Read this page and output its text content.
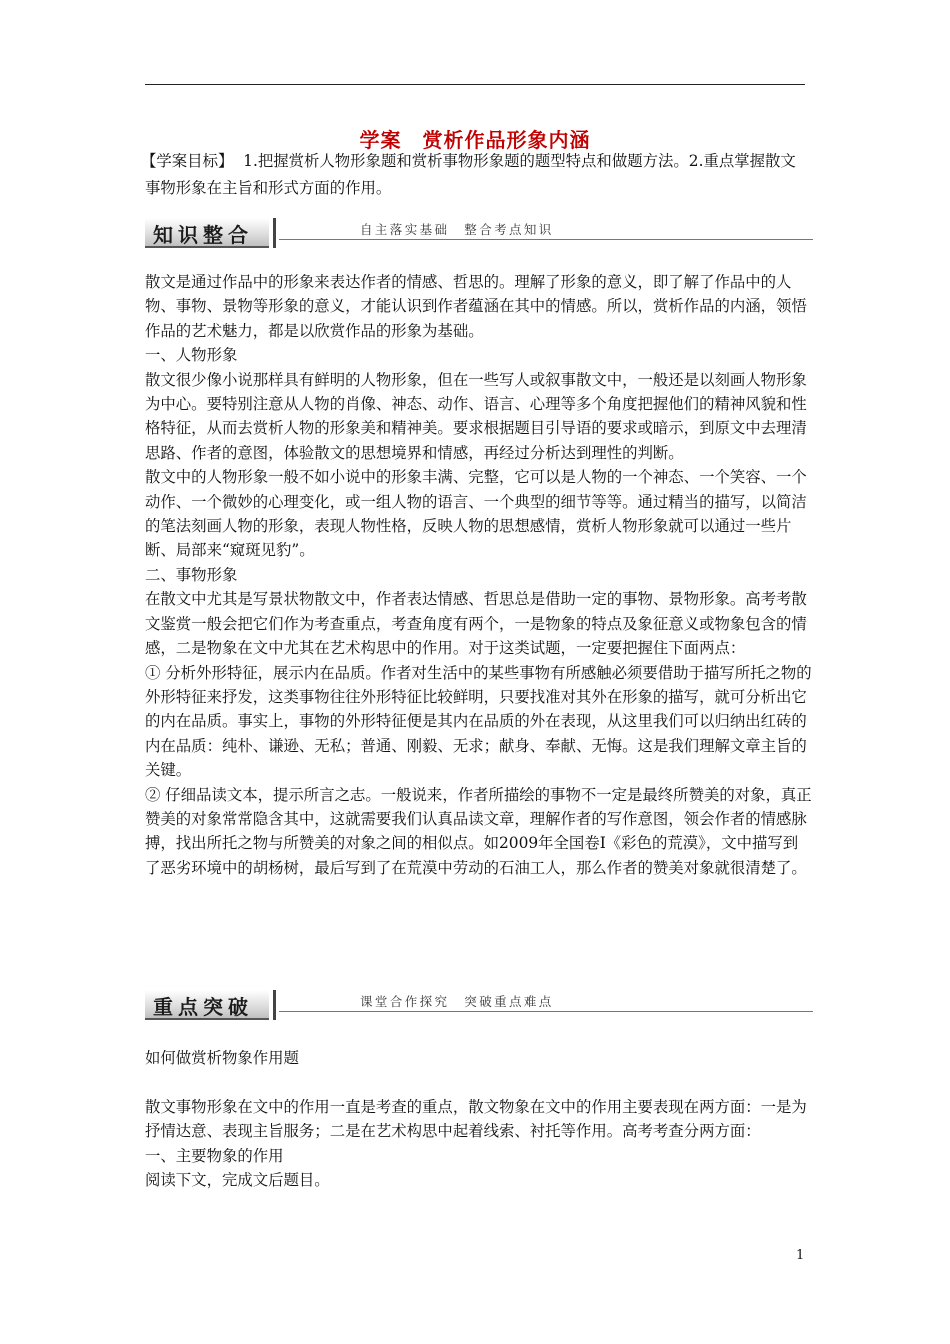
学案　赏析作品形象内涵
【学案目标】 1.把握赏析人物形象题和赏析事物形象题的题型特点和做题方法。2.重点掌握散文事物形象在主旨和形式方面的作用。
知识整合	自主落实基础　整合考点知识

散文是通过作品中的形象来表达作者的情感、哲思的。理解了形象的意义，即了解了作品中的人物、事物、景物等形象的意义，才能认识到作者蕴涵在其中的情感。所以，赏析作品的内涵，领悟作品的艺术魅力，都是以欣赏作品的形象为基础。

一、人物形象

散文很少像小说那样具有鲜明的人物形象，但在一些写人或叙事散文中，一般还是以刻画人物形象为中心。要特别注意从人物的肖像、神态、动作、语言、心理等多个角度把握他们的精神风貌和性格特征，从而去赏析人物的形象美和精神美。要求根据题目引导语的要求或暗示，到原文中去理清思路、作者的意图，体验散文的思想境界和情感，再经过分析达到理性的判断。

散文中的人物形象一般不如小说中的形象丰满、完整，它可以是人物的一个神态、一个笑容、一个动作、一个微妙的心理变化，或一组人物的语言、一个典型的细节等等。通过精当的描写，以简洁的笔法刻画人物的形象，表现人物性格，反映人物的思想感情，赏析人物形象就可以通过一些片断、局部来“窥斑见豹”。

二、事物形象

在散文中尤其是写景状物散文中，作者表达情感、哲思总是借助一定的事物、景物形象。高考考散文鉴赏一般会把它们作为考查重点，考查角度有两个，一是物象的特点及象征意义或物象包含的情感，二是物象在文中尤其在艺术构思中的作用。对于这类试题，一定要把握住下面两点：

① 分析外形特征，展示内在品质。作者对生活中的某些事物有所感触必须要借助于描写所托之物的外形特征来抒发，这类事物往往外形特征比较鲜明，只要找准对其外在形象的描写，就可分析出它的内在品质。事实上，事物的外形特征便是其内在品质的外在表现，从这里我们可以归纳出红砖的内在品质：纯朴、谦逊、无私；普通、刚毅、无求；献身、奉献、无悔。这是我们理解文章主旨的关键。

② 仔细品读文本，提示所言之志。一般说来，作者所描绘的事物不一定是最终所赞美的对象，真正赞美的对象常常隐含其中，这就需要我们认真品读文章，理解作者的写作意图，领会作者的情感脉搏，找出所托之物与所赞美的对象之间的相似点。如2009年全国卷Ⅰ《彩色的荒漠》，文中描写到了恶劣环境中的胡杨树，最后写到了在荒漠中劳动的石油工人，那么作者的赞美对象就很清楚了。

重点突破	课堂合作探究　突破重点难点

如何做赏析物象作用题

散文事物形象在文中的作用一直是考查的重点，散文物象在文中的作用主要表现在两方面：一是为抒情达意、表现主旨服务；二是在艺术构思中起着线索、衬托等作用。高考考查分两方面：

一、主要物象的作用

阅读下文，完成文后题目。

1
